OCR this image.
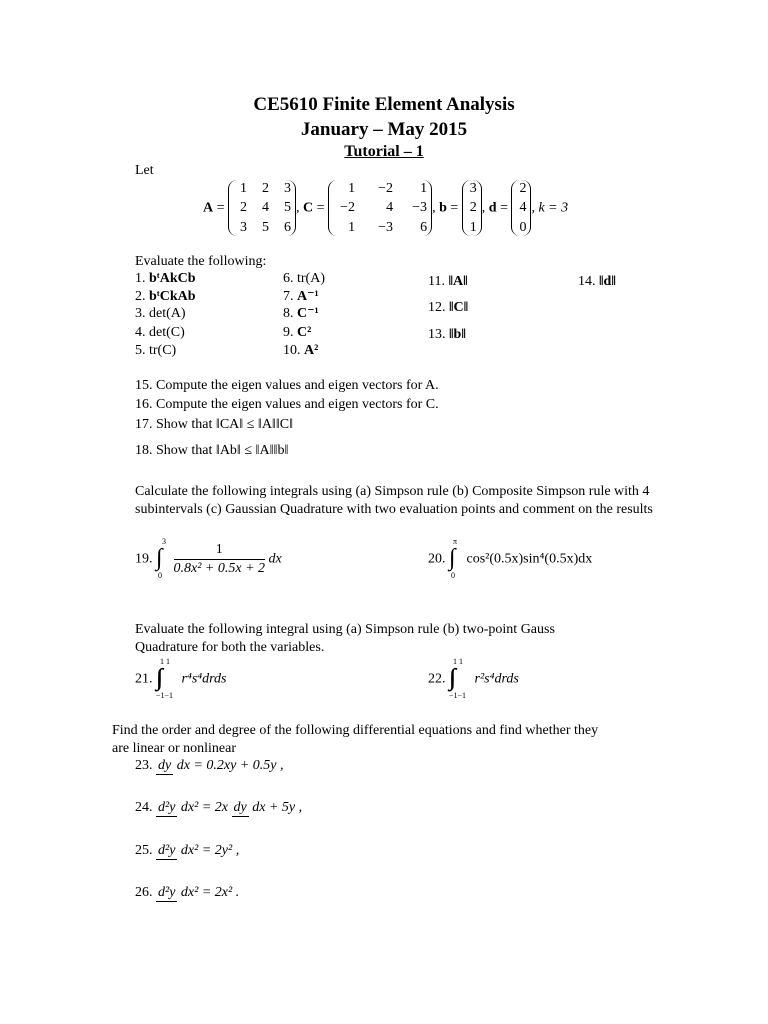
CE5610 Finite Element Analysis
January – May 2015
Tutorial – 1
Let
A =
1	2	3
2	4	5
3	5	6
, C =
1	−2	1
−2	4	−3
1	−3	6
, b =
3
2
1
, d =
2
4
0
, k = 3
Evaluate the following:
1. bᵗAkCb
2. bᵗCkAb
3. det(A)
4. det(C)
5. tr(C)
6. tr(A)
7. A⁻¹
8. C⁻¹
9. C²
10. A²
11. ‖A‖
12. ‖C‖
13. ‖b‖
14. ‖d‖
15. Compute the eigen values and eigen vectors for A.
16. Compute the eigen values and eigen vectors for C.
17. Show that ‖CA‖ ≤ ‖A‖‖C‖
18. Show that ‖Ab‖ ≤ ‖A‖‖b‖
Calculate the following integrals using (a) Simpson rule (b) Composite Simpson rule with 4
subintervals (c) Gaussian Quadrature with two evaluation points and comment on the results
19.
3
∫
0
$\frac{1}{\text{0.8x² + 0.5x + 2}}$ dx	20.
π
∫
0
cos²(0.5x)sin⁴(0.5x)dx
Evaluate the following integral using (a) Simpson rule (b) two-point Gauss
Quadrature for both the variables.
21.
1 1
∫∫
−1−1
r⁴s⁴drds	22.
1 1
∫∫
−1−1
r²s⁴drds
Find the order and degree of the following differential equations and find whether they
are linear or nonlinear
23. dy dx = 0.2xy + 0.5y ,
24. d²y dx² = 2x dy dx + 5y ,
25. d²y dx² = 2y² ,
26. d²y dx² = 2x² .
